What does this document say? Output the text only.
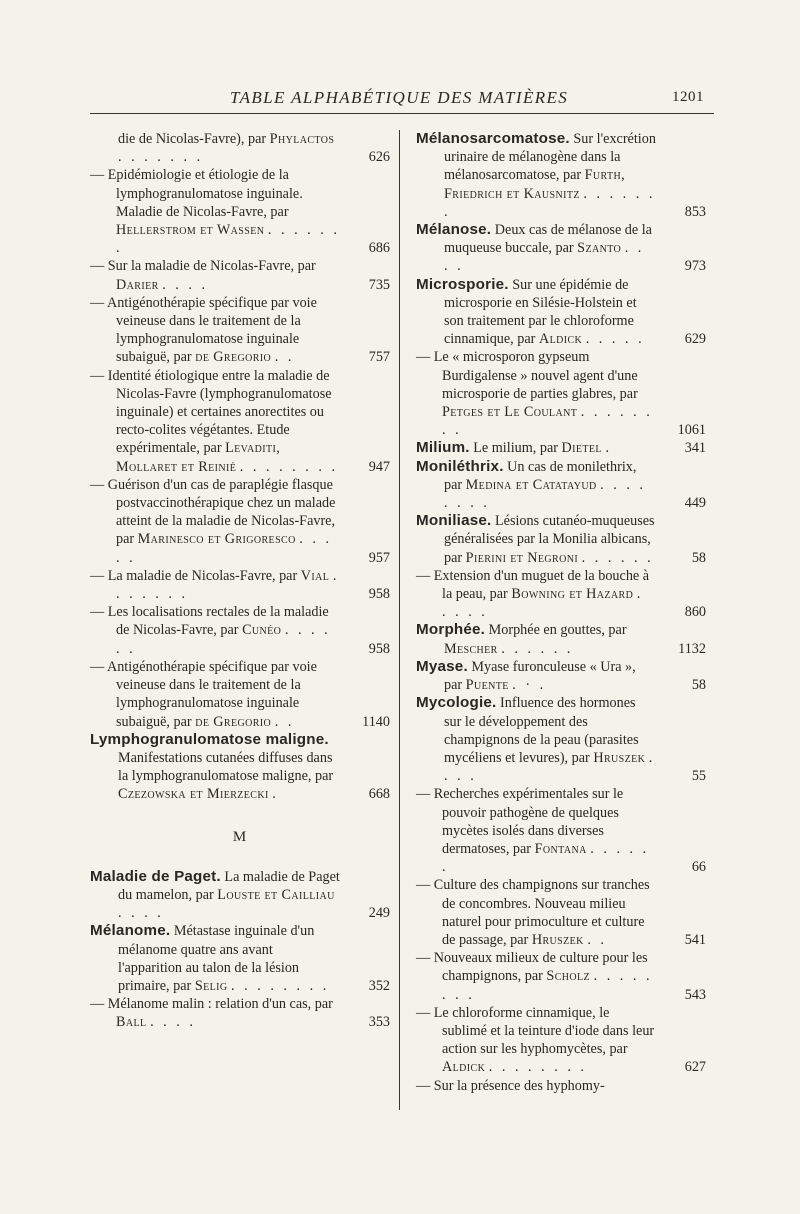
TABLE ALPHABÉTIQUE DES MATIÈRES	1201
die de Nicolas-Favre), par Phylactos . . . . . . .	626
— Epidémiologie et étiologie de la lymphogranulomatose inguinale. Maladie de Nicolas-Favre, par Hellerstrom et Wassen . . . . . . .	686
— Sur la maladie de Nicolas-Favre, par Darier . . . .	735
— Antigénothérapie spécifique par voie veineuse dans le traitement de la lymphogranulomatose inguinale subaiguë, par de Gregorio . .	757
— Identité étiologique entre la maladie de Nicolas-Favre (lymphogranulomatose inguinale) et certaines anorectites ou recto-colites végétantes. Etude expérimentale, par Levaditi, Mollaret et Reinié . . . . . . . . 947
— Guérison d'un cas de paraplégie flasque postvaccinothérapique chez un malade atteint de la maladie de Nicolas-Favre, par Marinesco et Grigoresco . . . . .	957
— La maladie de Nicolas-Favre, par Vial . . . . . . .	958
— Les localisations rectales de la maladie de Nicolas-Favre, par Cunéo . . . . . .	958
— Antigénothérapie spécifique par voie veineuse dans le traitement de la lymphogranulomatose inguinale subaiguë, par de Gregorio . .	1140
Lymphogranulomatose maligne. Manifestations cutanées diffuses dans la lymphogranulomatose maligne, par Czezowska et Mierzecki .	668
M
Maladie de Paget. La maladie de Paget du mamelon, par Louste et Cailliau . . . .	249
Mélanome. Métastase inguinale d'un mélanome quatre ans avant l'apparition au talon de la lésion primaire, par Selig . . . . . . . .	352
— Mélanome malin : relation d'un cas, par Ball . . . .	353
Mélanosarcomatose. Sur l'excrétion urinaire de mélanogène dans la mélanosarcomatose, par Furth, Friedrich et Kausnitz . . . . . . .	853
Mélanose. Deux cas de mélanose de la muqueuse buccale, par Szanto . . . .	973
Microsporie. Sur une épidémie de microsporie en Silésie-Holstein et son traitement par le chloroforme cinnamique, par Aldick . . . . .	629
— Le « microsporon gypseum Burdigalense » nouvel agent d'une microsporie de parties glabres, par Petges et Le Coulant . . . . . . . .	1061
Milium. Le milium, par Dietel .	341
Moniléthrix. Un cas de monilethrix, par Medina et Catatayud . . . . . . . .	449
Moniliase. Lésions cutanéo-muqueuses généralisées par la Monilia albicans, par Pierini et Negroni . . . . . .	58
— Extension d'un muguet de la bouche à la peau, par Bowning et Hazard . . . . .	860
Morphée. Morphée en gouttes, par Mescher . . . . . .	1132
Myase. Myase furonculeuse « Ura », par Puente . · .	58
Mycologie. Influence des hormones sur le développement des champignons de la peau (parasites mycéliens et levures), par Hruszek . . . .	55
— Recherches expérimentales sur le pouvoir pathogène de quelques mycètes isolés dans diverses dermatoses, par Fontana . . . . . .	66
— Culture des champignons sur tranches de concombres. Nouveau milieu naturel pour primoculture et culture de passage, par Hruszek . .	541
— Nouveaux milieux de culture pour les champignons, par Scholz . . . . . . . .	543
— Le chloroforme cinnamique, le sublimé et la teinture d'iode dans leur action sur les hyphomycètes, par Aldick . . . . . . . .	627
— Sur la présence des hyphomy-
